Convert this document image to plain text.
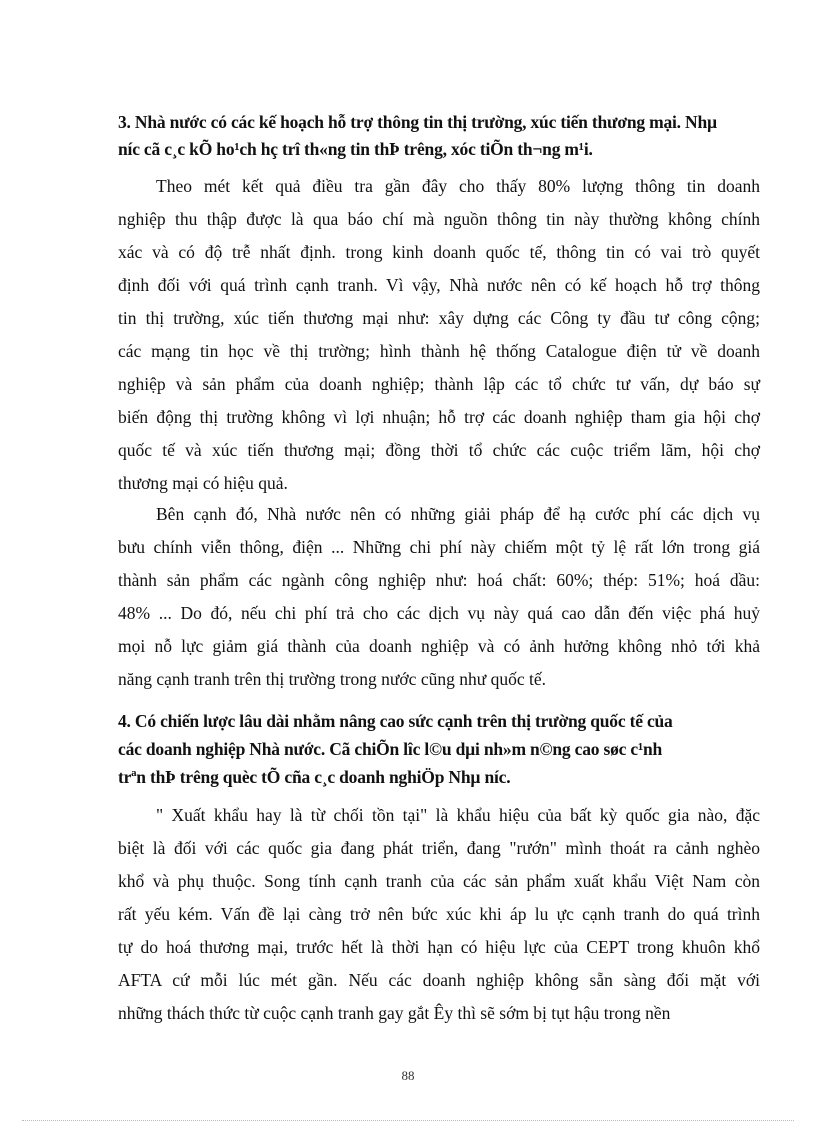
3. Nhà nước có các kế hoạch hỗ trợ thông tin thị trường, xúc tiến thương mại. Nhµ
níc cã c¸c kÕ ho¹ch hç trî th«ng tin thÞ trêng, xóc tiÕn th¬ng m¹i.
Theo mét kết quả điều tra gần đây cho thấy 80% lượng thông tin doanh
nghiệp thu thập được là qua báo chí mà nguồn thông tin này thường không chính
xác và có độ trễ nhất định. trong kinh doanh quốc tế, thông tin có vai trò quyết
định đối với quá trình cạnh tranh. Vì vậy, Nhà nước nên có kế hoạch hỗ trợ thông
tin thị trường, xúc tiến thương mại như: xây dựng các Công ty đầu tư công cộng;
các mạng tin học về thị trường; hình thành hệ thống Catalogue điện tử về doanh
nghiệp và sản phẩm của doanh nghiệp; thành lập các tổ chức tư vấn, dự báo sự
biến động thị trường không vì lợi nhuận; hỗ trợ các doanh nghiệp tham gia hội chợ
quốc tế và xúc tiến thương mại; đồng thời tổ chức các cuộc triểm lãm, hội chợ
thương mại có hiệu quả.
Bên cạnh đó, Nhà nước nên có những giải pháp để hạ cước phí các dịch vụ
bưu chính viễn thông, điện ... Những chi phí này chiếm một tỷ lệ rất lớn trong giá
thành sản phẩm các ngành công nghiệp như: hoá chất: 60%; thép: 51%; hoá dầu:
48% ... Do đó, nếu chi phí trả cho các dịch vụ này quá cao dẫn đến việc phá huỷ
mọi nỗ lực giảm giá thành của doanh nghiệp và có ảnh hưởng không nhỏ tới khả
năng cạnh tranh trên thị trường trong nước cũng như quốc tế.
4. Có chiến lược lâu dài nhằm nâng cao sức cạnh trên thị trường quốc tế của
các doanh nghiệp Nhà nước. Cã chiÕn lîc l©u dµi nh»m n©ng cao søc c¹nh
trªn thÞ trêng quèc tÕ cña c¸c doanh nghiÖp Nhµ níc.
" Xuất khẩu hay là từ chối tồn tại" là khẩu hiệu của bất kỳ quốc gia nào, đặc
biệt là đối với các quốc gia đang phát triển, đang "rướn" mình thoát ra cảnh nghèo
khổ và phụ thuộc. Song tính cạnh tranh của các sản phẩm xuất khẩu Việt Nam còn
rất yếu kém. Vấn đề lại càng trở nên bức xúc khi áp lu ực cạnh tranh do quá trình
tự do hoá thương mại, trước hết là thời hạn có hiệu lực của CEPT trong khuôn khổ
AFTA cứ mỗi lúc mét gần. Nếu các doanh nghiệp không sẵn sàng đối mặt với
những thách thức từ cuộc cạnh tranh gay gắt Êy thì sẽ sớm bị tụt hậu trong nền
88
